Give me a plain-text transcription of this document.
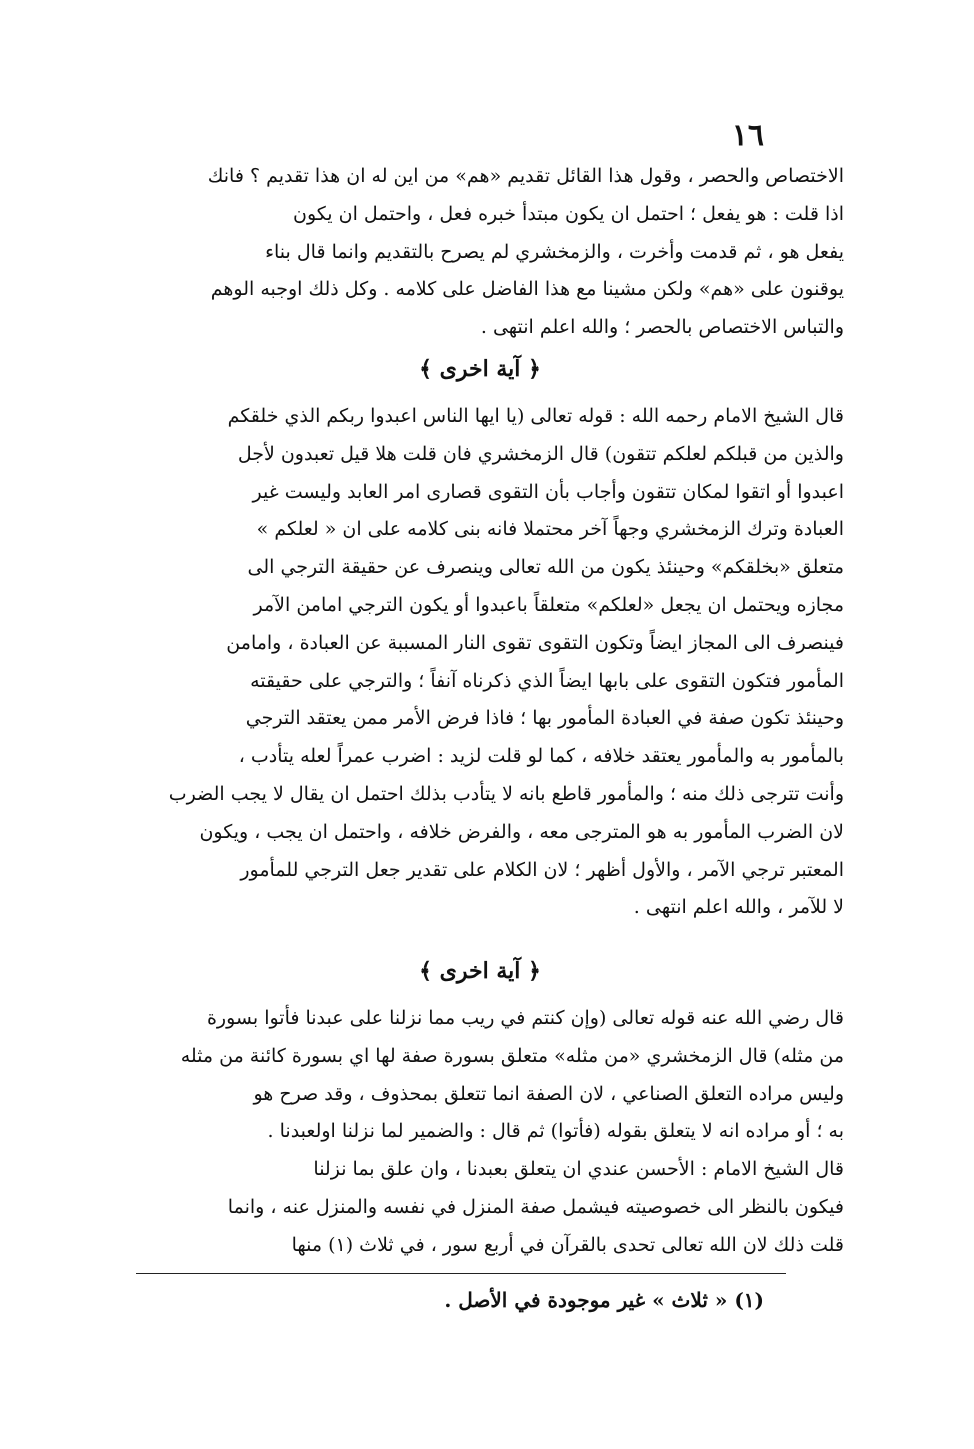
١٦
الاختصاص والحصر ، وقول هذا القائل تقديم «هم» من اين له ان هذا تقديم ؟ فانك
اذا قلت : هو يفعل ؛ احتمل ان يكون مبتدأ خبره فعل ، واحتمل ان يكون
يفعل هو ، ثم قدمت وأخرت ، والزمخشري لم يصرح بالتقديم وانما قال بناء
يوقنون على «هم» ولكن مشينا مع هذا الفاضل على كلامه . وكل ذلك اوجبه الوهم
والتباس الاختصاص بالحصر ؛ والله اعلم انتهى .
﴿ آية اخرى ﴾
قال الشيخ الامام رحمه الله : قوله تعالى (يا ايها الناس اعبدوا ربكم الذي خلقكم
والذين من قبلكم لعلكم تتقون) قال الزمخشري فان قلت هلا قيل تعبدون لأجل
اعبدوا أو اتقوا لمكان تتقون وأجاب بأن التقوى قصارى امر العابد وليست غير
العبادة وترك الزمخشري وجهاً آخر محتملا فانه بنى كلامه على ان « لعلكم »
متعلق «بخلقكم» وحينئذ يكون من الله تعالى وينصرف عن حقيقة الترجي الى
مجازه ويحتمل ان يجعل «لعلكم» متعلقاً باعبدوا أو يكون الترجي امامن الآمر
فينصرف الى المجاز ايضاً وتكون التقوى تقوى النار المسببة عن العبادة ، وامامن
المأمور فتكون التقوى على بابها ايضاً الذي ذكرناه آنفاً ؛ والترجي على حقيقته
وحينئذ تكون صفة في العبادة المأمور بها ؛ فاذا فرض الأمر ممن يعتقد الترجي
بالمأمور به والمأمور يعتقد خلافه ، كما لو قلت لزيد : اضرب عمراً لعله يتأدب ،
وأنت تترجى ذلك منه ؛ والمأمور قاطع بانه لا يتأدب بذلك احتمل ان يقال لا يجب الضرب
لان الضرب المأمور به هو المترجى معه ، والفرض خلافه ، واحتمل ان يجب ، ويكون
المعتبر ترجي الآمر ، والأول أظهر ؛ لان الكلام على تقدير جعل الترجي للمأمور
لا للآمر ، والله اعلم انتهى .
﴿ آية اخرى ﴾
قال رضي الله عنه قوله تعالى (وإن كنتم في ريب مما نزلنا على عبدنا فأتوا بسورة
من مثله) قال الزمخشري «من مثله» متعلق بسورة صفة لها اي بسورة كائنة من مثله
وليس مراده التعلق الصناعي ، لان الصفة انما تتعلق بمحذوف ، وقد صرح هو
به ؛ أو مراده انه لا يتعلق بقوله (فأتوا) ثم قال : والضمير لما نزلنا اولعبدنا .
قال الشيخ الامام : الأحسن عندي ان يتعلق بعبدنا ، وان علق بما نزلنا
فيكون بالنظر الى خصوصيته فيشمل صفة المنزل في نفسه والمنزل عنه ، وانما
قلت ذلك لان الله تعالى تحدى بالقرآن في أربع سور ، في ثلاث (١) منها
(١) « ثلاث » غير موجودة في الأصل .
